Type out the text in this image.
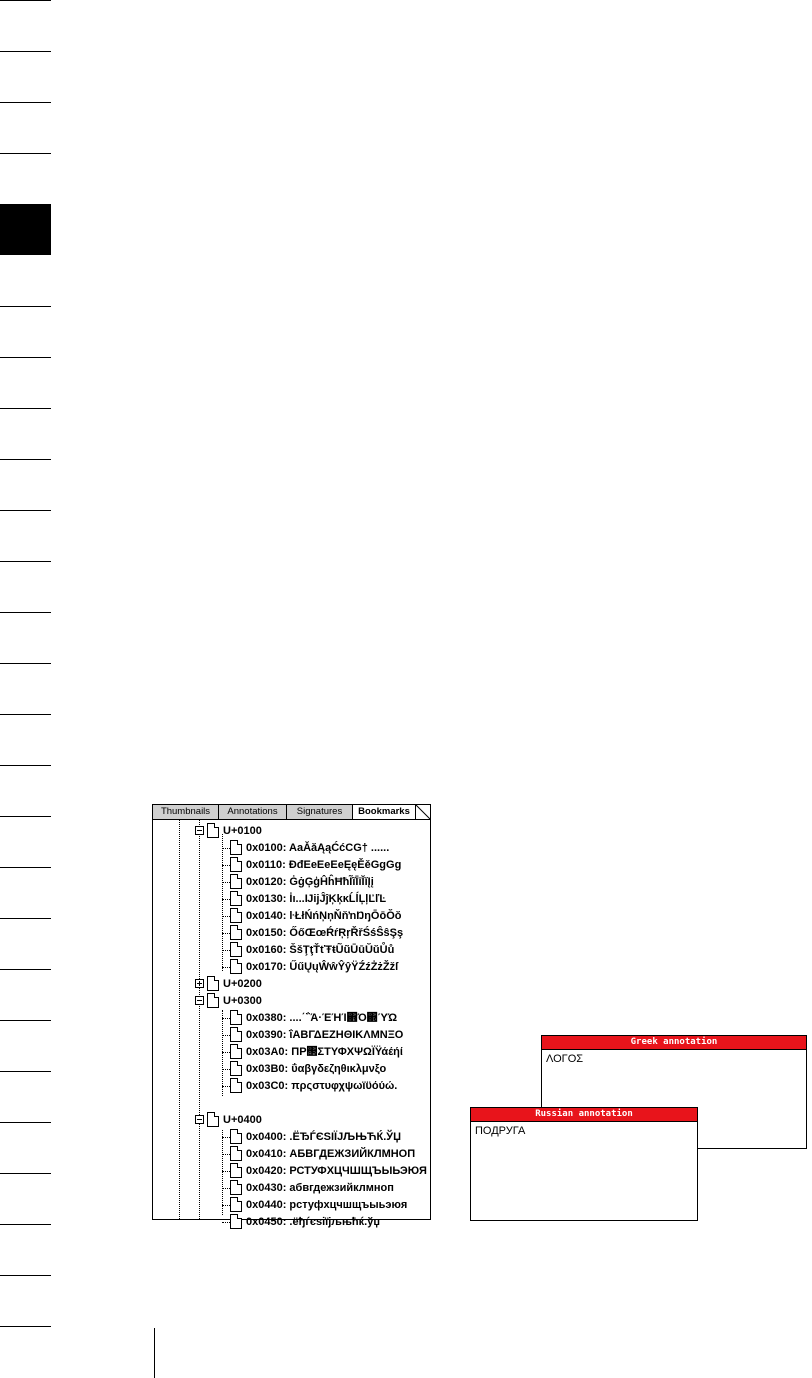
Thumbnails	Annotations	Signatures	Bookmarks
U+0100
0x0100: AaĂăĄąĆćCG† ......
0x0110: ĐđEeEeEeĘęĚěGgGg
0x0120: ĠġĢģĤĥĦħĨĩĪīĬĭĮį
0x0130: İı...ĲĳĴĵĶķĸĹĺĻļĽľĿ
0x0140: ŀŁłŃńŅņŇňŉŊŋŌōŎŏ
0x0150: ŐőŒœŔŕŖŗŘřŚśŜŝŞş
0x0160: ŠšŢţŤťŦŧŨũŪūŬŭŮů
0x0170: ŰűŲųŴŵŶŷŸŹźŻżŽžſ
U+0200
U+0300
0x0380: ....΄΅Ά·ΈΉΊ΋Ό΍ΎΏ
0x0390: ΐΑΒΓΔΕΖΗΘΙΚΛΜΝΞΟ
0x03A0: ΠΡ΢ΣΤΥΦΧΨΩΪΫάέήί
0x03B0: ΰαβγδεζηθικλμνξο
0x03C0: πρςστυφχψωϊϋόύώ.
U+0400
0x0400: .ЁЂЃЄЅІЇЈЉЊЋЌ.ЎЏ
0x0410: АБВГДЕЖЗИЙКЛМНОП
0x0420: РСТУФХЦЧШЩЪЫЬЭЮЯ
0x0430: абвгдежзийклмноп
0x0440: рстуфхцчшщъыьэюя
0x0450: .ёђѓєѕіїјљњћќ.ўџ
Greek annotation
ΛΟΓΟΣ
Russian annotation
ПОДРУГА
